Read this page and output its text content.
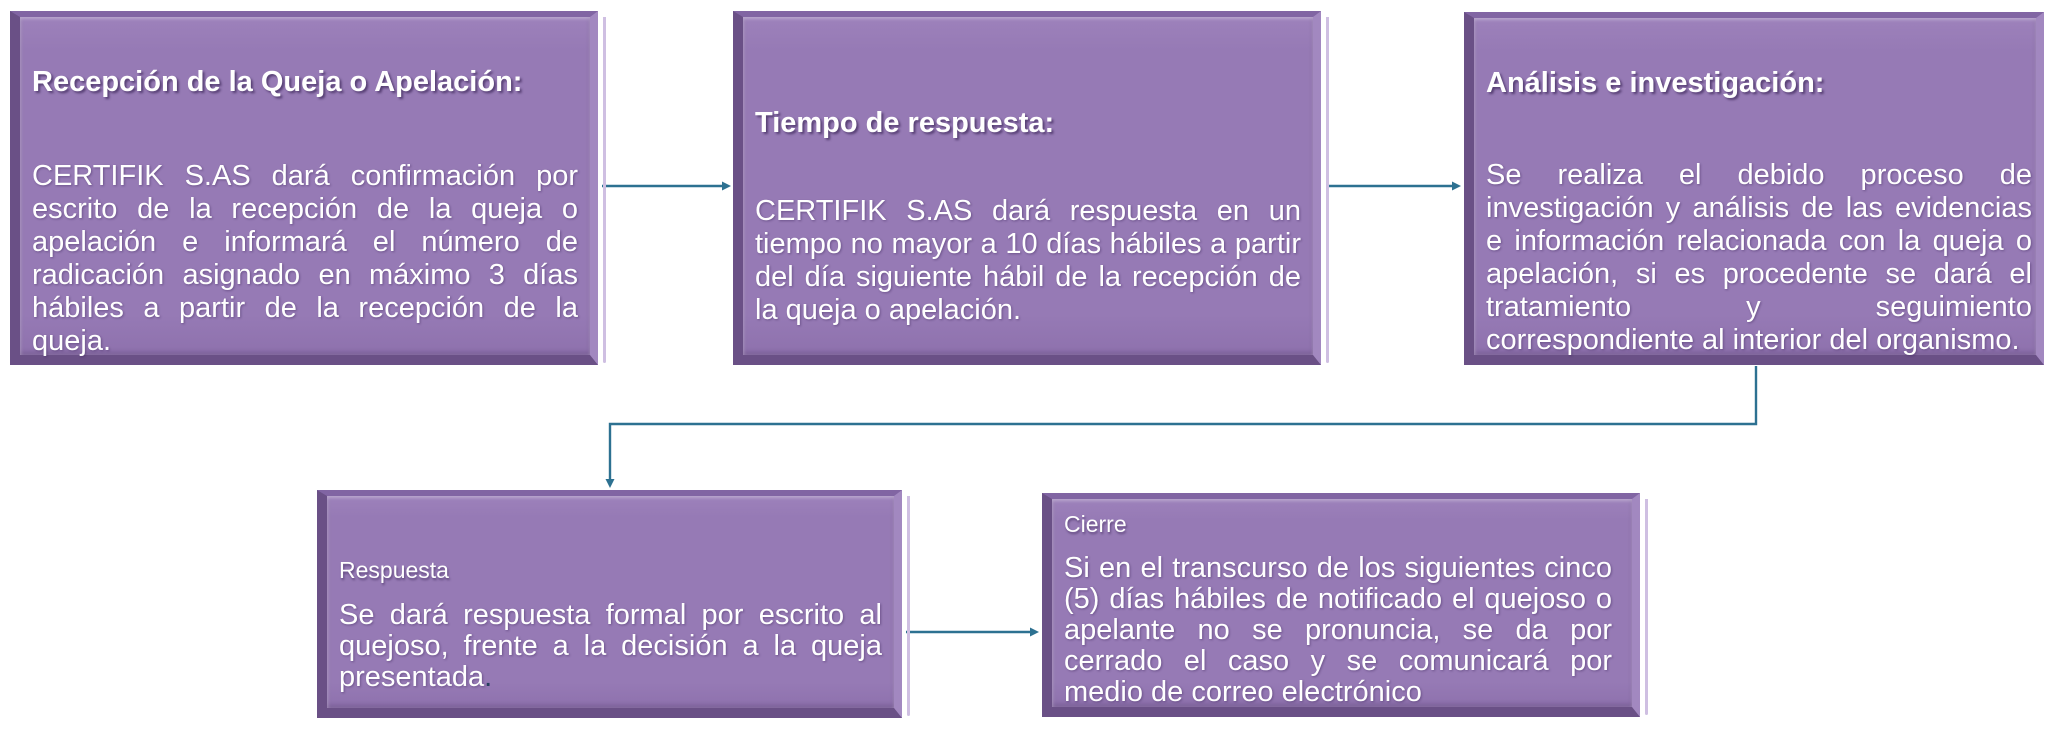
Recepción de la Queja o Apelación:
CERTIFIK S.AS dará confirmación por escrito de la recepción de la queja o apelación e informará el número de radicación asignado en máximo 3 días hábiles a partir de la recepción de la queja.
Tiempo de respuesta:
CERTIFIK S.AS dará respuesta en un tiempo no mayor a 10 días hábiles a partir del día siguiente hábil de la recepción de la queja o apelación.
Análisis e investigación:
Se realiza el debido proceso de investigación y análisis de las evidencias e información relacionada con la queja o apelación, si es procedente se dará el tratamiento y seguimiento correspondiente al interior del organismo.
Respuesta
Se dará respuesta formal por escrito al quejoso, frente a la decisión a la queja presentada.
Cierre
Si en el transcurso de los siguientes cinco (5) días hábiles de notificado el quejoso o apelante no se pronuncia, se da por cerrado el caso y se comunicará por medio de correo electrónico
